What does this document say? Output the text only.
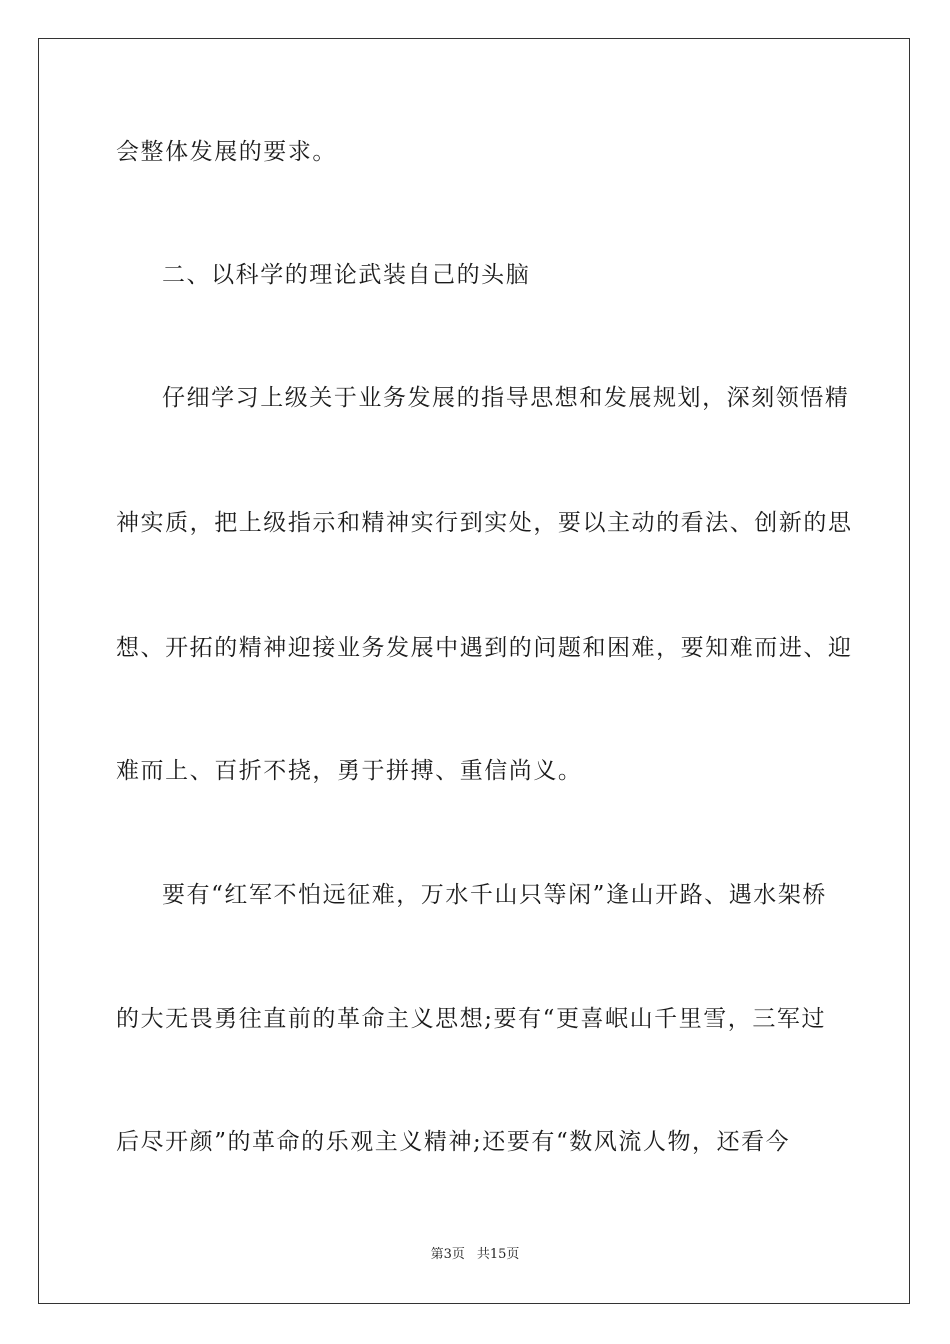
会整体发展的要求。
二、以科学的理论武装自己的头脑
仔细学习上级关于业务发展的指导思想和发展规划，深刻领悟精
神实质，把上级指示和精神实行到实处，要以主动的看法、创新的思
想、开拓的精神迎接业务发展中遇到的问题和困难，要知难而进、迎
难而上、百折不挠，勇于拼搏、重信尚义。
要有“红军不怕远征难，万水千山只等闲”逢山开路、遇水架桥
的大无畏勇往直前的革命主义思想;要有“更喜岷山千里雪，三军过
后尽开颜”的革命的乐观主义精神;还要有“数风流人物，还看今
第3页 共15页
